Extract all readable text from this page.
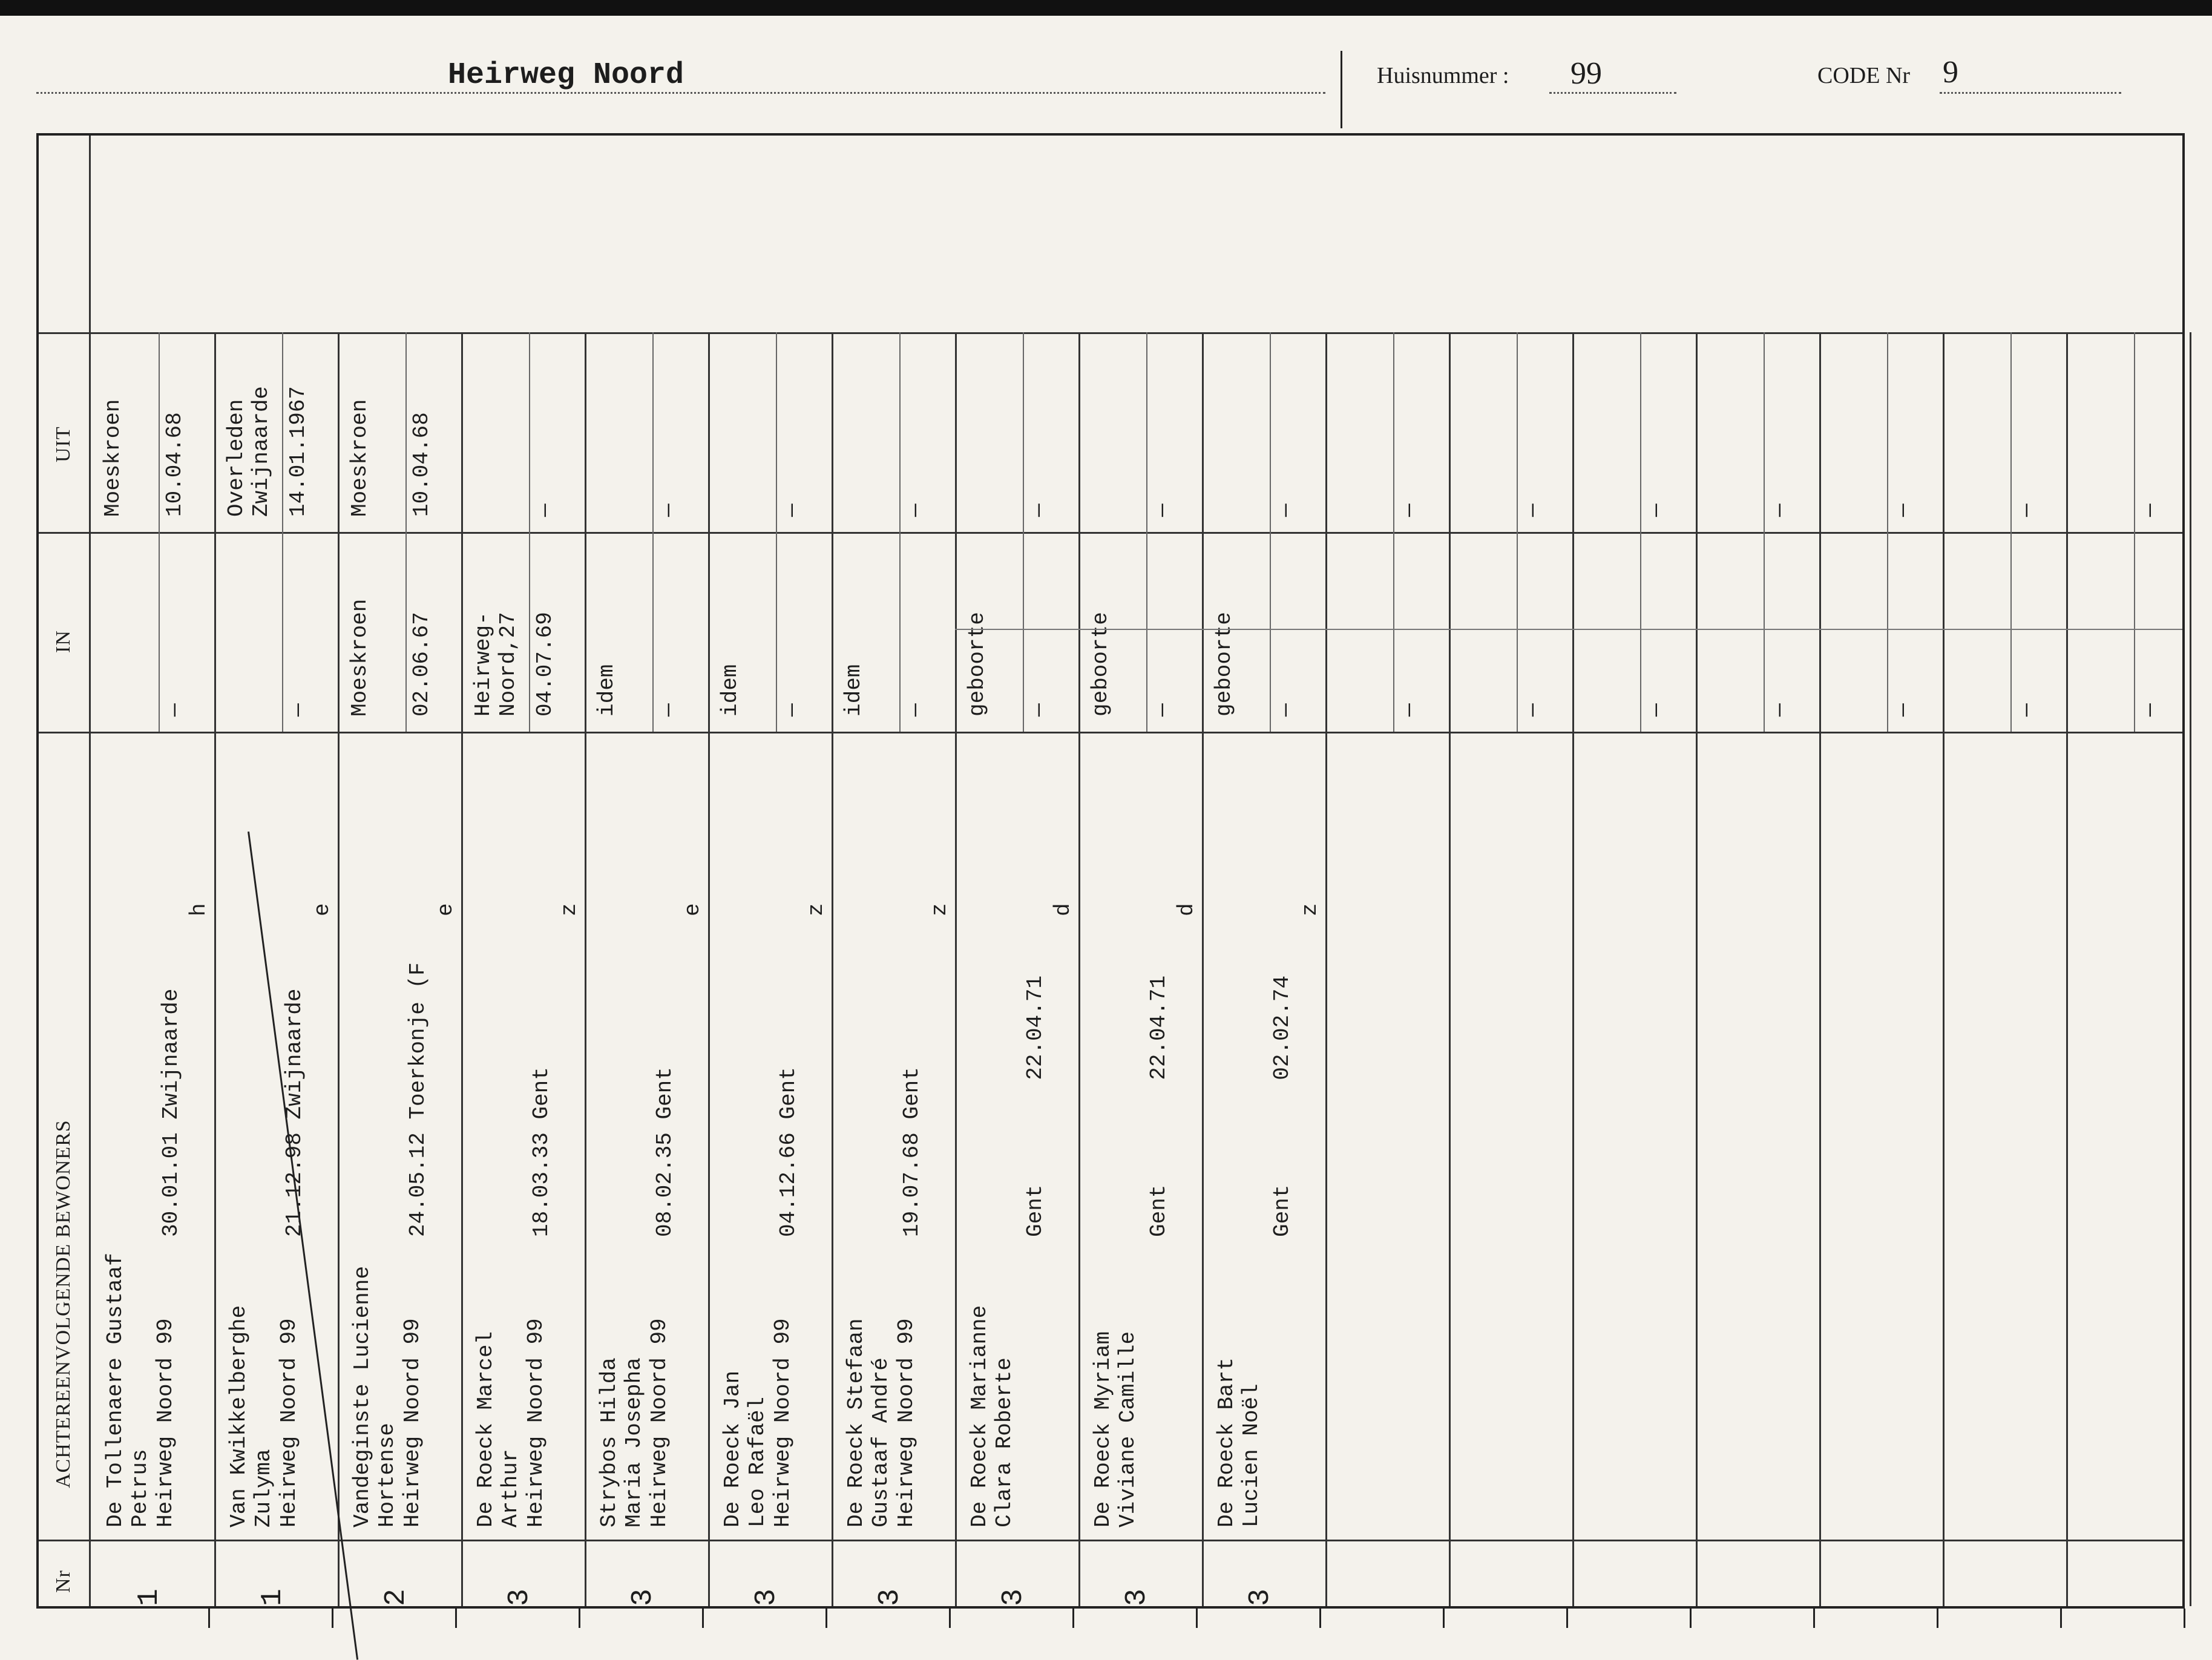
Heirweg Noord	Huisnummer : 99	CODE Nr 9
UIT
IN
ACHTEREENVOLGENDE BEWONERS
Nr
De Tollenaere Gustaaf
Petrus
Heirweg Noord 99
30.01.01 Zwijnaarde
h
1
Moeskroen 10.04.68
—
Van Kwikkelberghe
Zulyma
Heirweg Noord 99
21.12.98 Zwijnaarde
e
1
Overleden
Zwijnaarde 14.01.1967
—
Vandeginste Lucienne
Hortense
Heirweg Noord 99
24.05.12 Toerkonje (F
e
2
Moeskroen
Moeskroen 10.04.68
02.06.67
De Roeck Marcel
Arthur
Heirweg Noord 99
18.03.33 Gent
z
3
Heirweg-
Noord,27
—
04.07.69
Strybos Hilda
Maria Josepha
Heirweg Noord 99
08.02.35 Gent
e
3
idem
—
—
De Roeck Jan
Leo Rafaël
Heirweg Noord 99
04.12.66 Gent
z
3
idem
—
—
De Roeck Stefaan
Gustaaf André
Heirweg Noord 99
19.07.68 Gent
z
3
idem
—
—
De Roeck Marianne
Clara Roberte
Gent        22.04.71
d
3
geboorte
—
—
De Roeck Myriam
Viviane Camille
Gent        22.04.71
d
3
geboorte
—
—
De Roeck Bart
Lucien Noël
Gent        02.02.74
z
3
geboorte
—
—
—
—
—
—
—
—
—
—
—
—
—
—
—
—
